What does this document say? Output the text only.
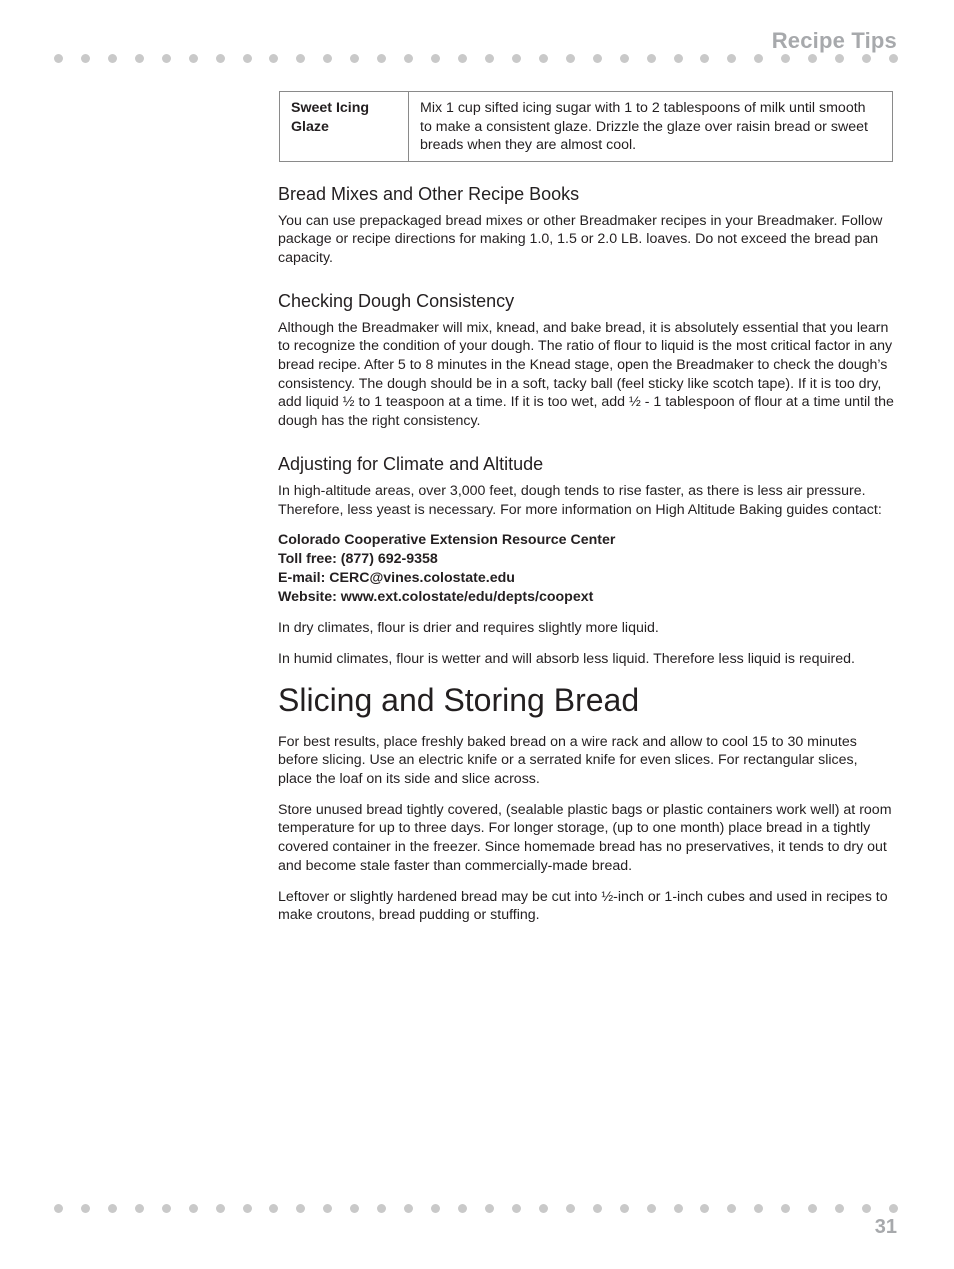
Recipe Tips
Sweet Icing Glaze	Mix 1 cup sifted icing sugar with 1 to 2 tablespoons of milk until smooth to make a consistent glaze. Drizzle the glaze over raisin bread or sweet breads when they are almost cool.
Bread Mixes and Other Recipe Books

You can use prepackaged bread mixes or other Breadmaker recipes in your Breadmaker. Follow package or recipe directions for making 1.0, 1.5 or 2.0 LB. loaves. Do not exceed the bread pan capacity.

Checking Dough Consistency

Although the Breadmaker will mix, knead, and bake bread, it is absolutely essential that you learn to recognize the condition of your dough. The ratio of flour to liquid is the most critical factor in any bread recipe. After 5 to 8 minutes in the Knead stage, open the Breadmaker to check the dough’s consistency. The dough should be in a soft, tacky ball (feel sticky like scotch tape). If it is too dry, add liquid ½ to 1 teaspoon at a time. If it is too wet, add ½ - 1 tablespoon of flour at a time until the dough has the right consistency.

Adjusting for Climate and Altitude

In high-altitude areas, over 3,000 feet, dough tends to rise faster, as there is less air pressure. Therefore, less yeast is necessary. For more information on High Altitude Baking guides contact:

Colorado Cooperative Extension Resource Center
Toll free: (877) 692-9358
E-mail: CERC@vines.colostate.edu
Website: www.ext.colostate/edu/depts/coopext

In dry climates, flour is drier and requires slightly more liquid.

In humid climates, flour is wetter and will absorb less liquid. Therefore less liquid is required.

Slicing and Storing Bread

For best results, place freshly baked bread on a wire rack and allow to cool 15 to 30 minutes before slicing. Use an electric knife or a serrated knife for even slices. For rectangular slices, place the loaf on its side and slice across.

Store unused bread tightly covered, (sealable plastic bags or plastic containers work well) at room temperature for up to three days. For longer storage, (up to one month) place bread in a tightly covered container in the freezer. Since homemade bread has no preservatives, it tends to dry out and become stale faster than commercially-made bread.

Leftover or slightly hardened bread may be cut into ½-inch or 1-inch cubes and used in recipes to make croutons, bread pudding or stuffing.

31
